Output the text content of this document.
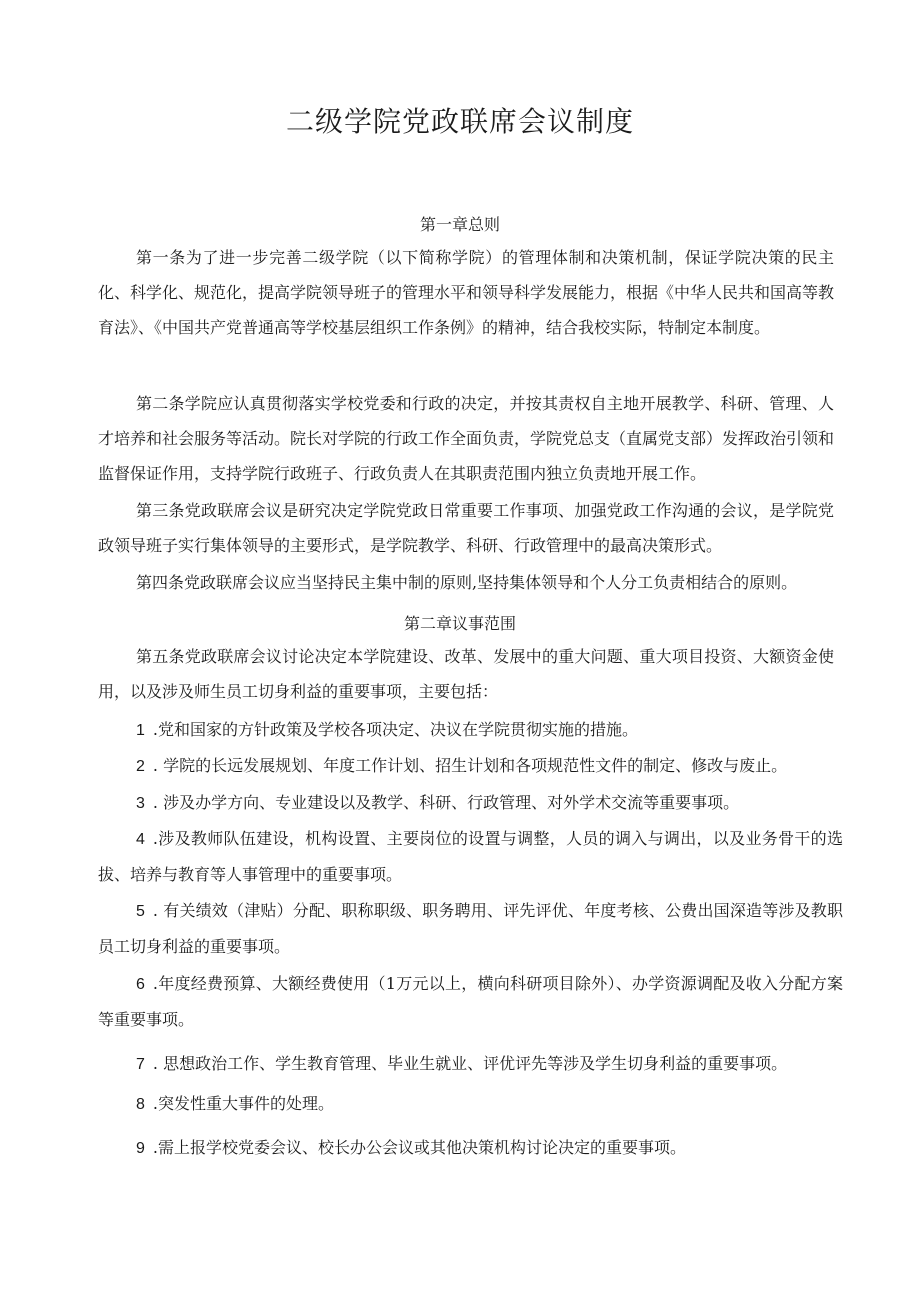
二级学院党政联席会议制度
第一章总则
第一条为了进一步完善二级学院（以下简称学院）的管理体制和决策机制，保证学院决策的民主化、科学化、规范化，提高学院领导班子的管理水平和领导科学发展能力，根据《中华人民共和国高等教育法》、《中国共产党普通高等学校基层组织工作条例》的精神，结合我校实际，特制定本制度。
第二条学院应认真贯彻落实学校党委和行政的决定，并按其责权自主地开展教学、科研、管理、人才培养和社会服务等活动。院长对学院的行政工作全面负责，学院党总支（直属党支部）发挥政治引领和监督保证作用，支持学院行政班子、行政负责人在其职责范围内独立负责地开展工作。
第三条党政联席会议是研究决定学院党政日常重要工作事项、加强党政工作沟通的会议，是学院党政领导班子实行集体领导的主要形式，是学院教学、科研、行政管理中的最高决策形式。
第四条党政联席会议应当坚持民主集中制的原则,坚持集体领导和个人分工负责相结合的原则。
第二章议事范围
第五条党政联席会议讨论决定本学院建设、改革、发展中的重大问题、重大项目投资、大额资金使用，以及涉及师生员工切身利益的重要事项，主要包括：
1 .党和国家的方针政策及学校各项决定、决议在学院贯彻实施的措施。
2 . 学院的长远发展规划、年度工作计划、招生计划和各项规范性文件的制定、修改与废止。
3 . 涉及办学方向、专业建设以及教学、科研、行政管理、对外学术交流等重要事项。
4 .涉及教师队伍建设，机构设置、主要岗位的设置与调整，人员的调入与调出，以及业务骨干的选拔、培养与教育等人事管理中的重要事项。
5 . 有关绩效（津贴）分配、职称职级、职务聘用、评先评优、年度考核、公费出国深造等涉及教职员工切身利益的重要事项。
6 .年度经费预算、大额经费使用（1万元以上，横向科研项目除外）、办学资源调配及收入分配方案等重要事项。
7 . 思想政治工作、学生教育管理、毕业生就业、评优评先等涉及学生切身利益的重要事项。
8 .突发性重大事件的处理。
9 .需上报学校党委会议、校长办公会议或其他决策机构讨论决定的重要事项。
